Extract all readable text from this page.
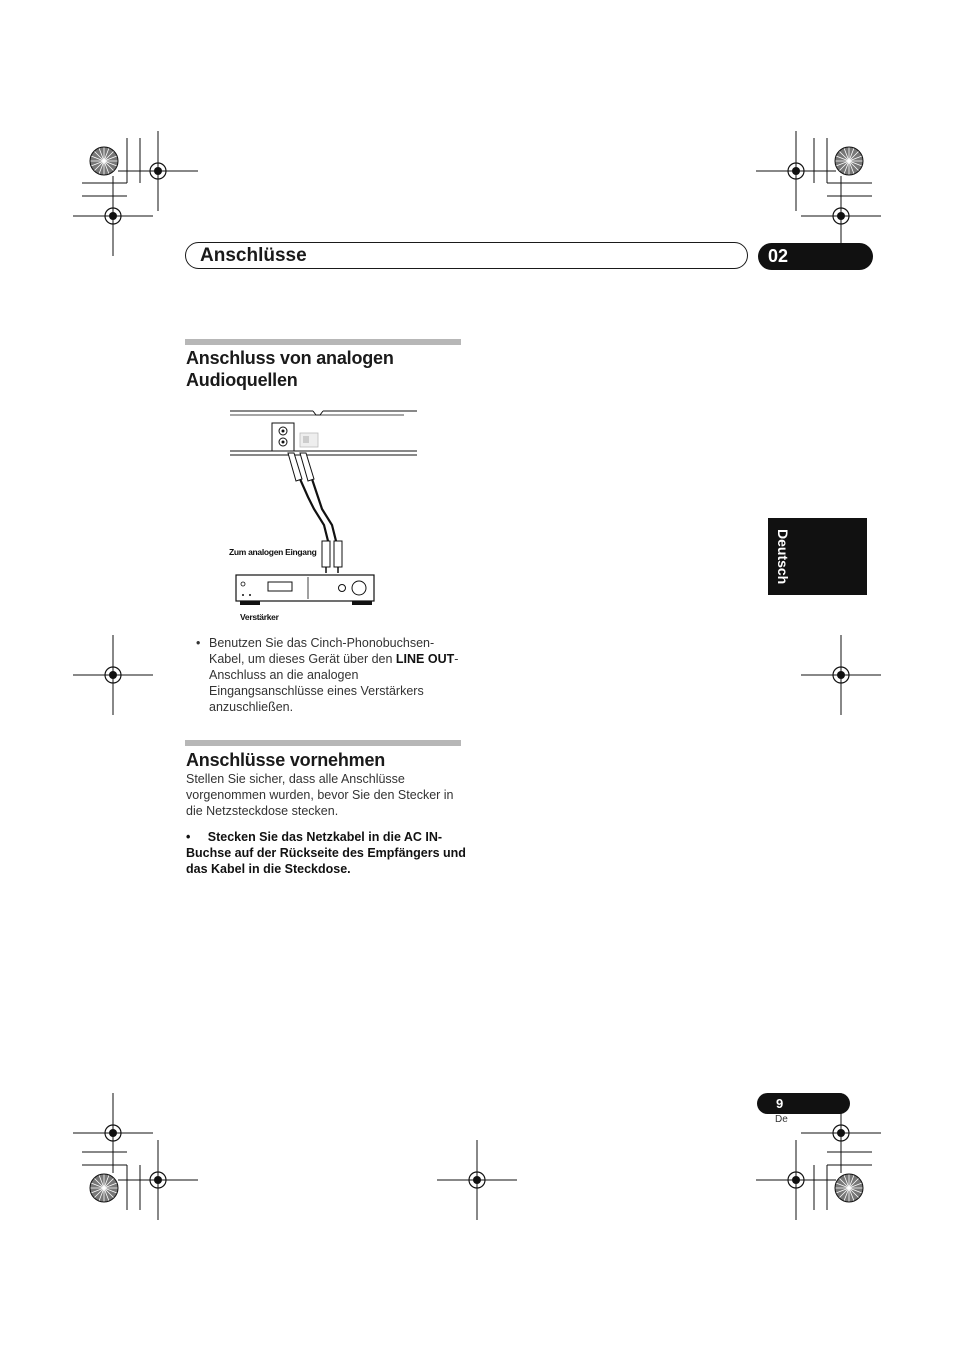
Anschlüsse	02
Anschluss von analogen
Audioquellen
Zum analogen Eingang
Verstärker
• Benutzen Sie das Cinch-Phonobuchsen-Kabel, um dieses Gerät über den LINE OUT-Anschluss an die analogen Eingangsanschlüsse eines Verstärkers anzuschließen.
Anschlüsse vornehmen
Stellen Sie sicher, dass alle Anschlüsse vorgenommen wurden, bevor Sie den Stecker in die Netzsteckdose stecken.
• Stecken Sie das Netzkabel in die AC IN-Buchse auf der Rückseite des Empfängers und das Kabel in die Steckdose.
Deutsch
9
De
